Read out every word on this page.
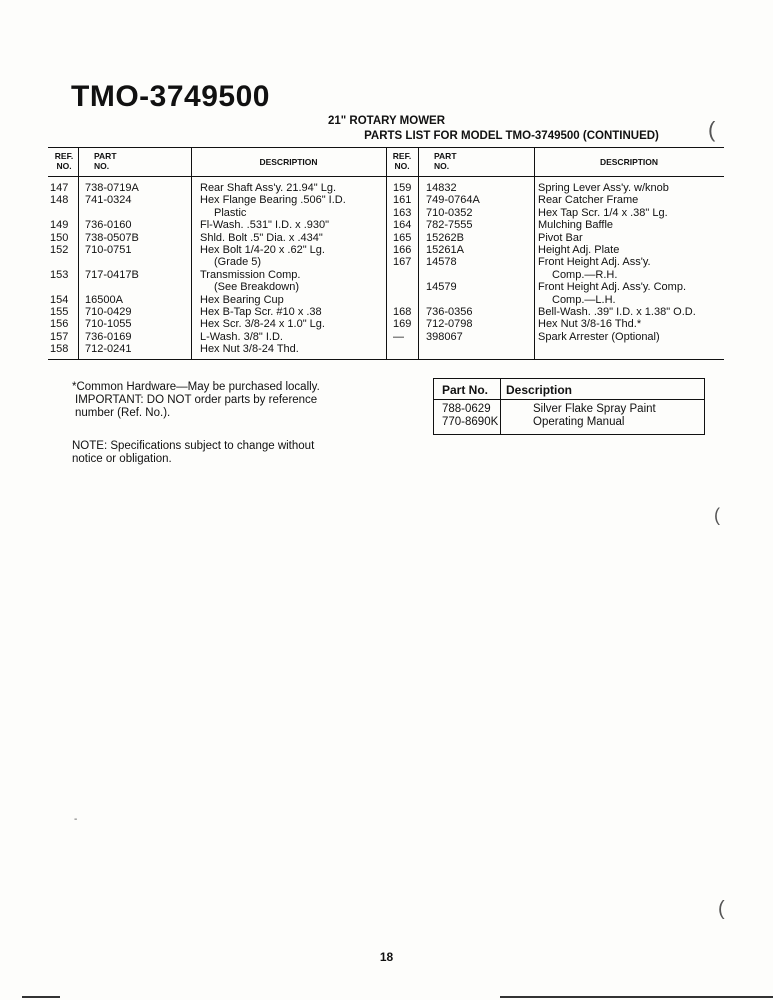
TMO-3749500
21" ROTARY MOWER
PARTS LIST FOR MODEL TMO-3749500 (CONTINUED)
REF. NO.
PART NO.	DESCRIPTION
REF. NO.
PART NO.	DESCRIPTION
147 738-0719A	Rear Shaft Ass'y. 21.94" Lg.
148 741-0324	Hex Flange Bearing .506" I.D.
Plastic
149 736-0160	Fl-Wash. .531" I.D. x .930"
150 738-0507B	Shld. Bolt .5" Dia. x .434"
152 710-0751	Hex Bolt 1/4-20 x .62" Lg.
(Grade 5)
153 717-0417B	Transmission Comp.
(See Breakdown)
154 16500A	Hex Bearing Cup
155 710-0429	Hex B-Tap Scr. #10 x .38
156 710-1055	Hex Scr. 3/8-24 x 1.0" Lg.
157 736-0169	L-Wash. 3/8" I.D.
158 712-0241	Hex Nut 3/8-24 Thd.
159 14832	Spring Lever Ass'y. w/knob
161 749-0764A	Rear Catcher Frame
163 710-0352	Hex Tap Scr. 1/4 x .38" Lg.
164 782-7555	Mulching Baffle
165 15262B	Pivot Bar
166 15261A	Height Adj. Plate
167 14578	Front Height Adj. Ass'y.
Comp.—R.H.
14579	Front Height Adj. Ass'y. Comp.
Comp.—L.H.
168 736-0356	Bell-Wash. .39" I.D. x 1.38" O.D.
169 712-0798	Hex Nut 3/8-16 Thd.*
— 398067	Spark Arrester (Optional)
*Common Hardware—May be purchased locally.
IMPORTANT: DO NOT order parts by reference
number (Ref. No.).
NOTE: Specifications subject to change without
notice or obligation.
Part No. Description
788-0629	Silver Flake Spray Paint
770-8690K	Operating Manual
18
(
(
(
-
